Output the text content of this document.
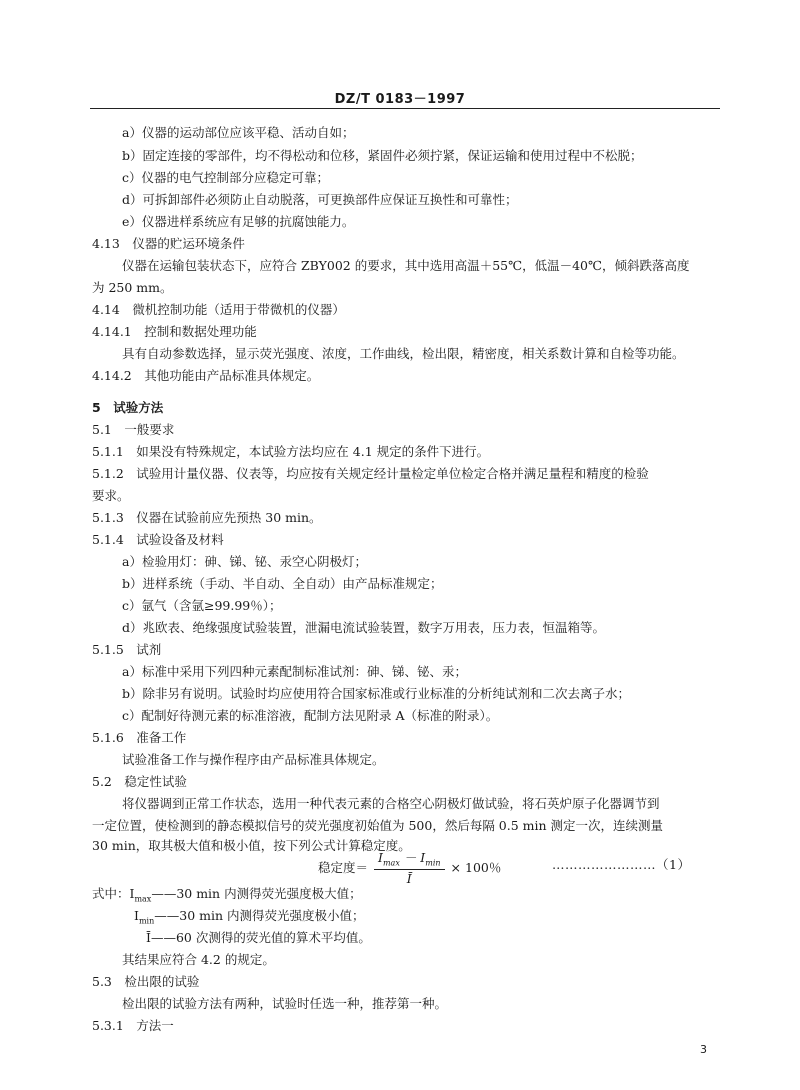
DZ/T 0183－1997
a）仪器的运动部位应该平稳、活动自如；
b）固定连接的零部件，均不得松动和位移，紧固件必须拧紧，保证运输和使用过程中不松脱；
c）仪器的电气控制部分应稳定可靠；
d）可拆卸部件必须防止自动脱落，可更换部件应保证互换性和可靠性；
e）仪器进样系统应有足够的抗腐蚀能力。
4.13　仪器的贮运环境条件
仪器在运输包装状态下，应符合 ZBY002 的要求，其中选用高温＋55℃，低温－40℃，倾斜跌落高度
为 250 mm。
4.14　微机控制功能（适用于带微机的仪器）
4.14.1　控制和数据处理功能
具有自动参数选择，显示荧光强度、浓度，工作曲线，检出限，精密度，相关系数计算和自检等功能。
4.14.2　其他功能由产品标准具体规定。
5　试验方法
5.1　一般要求
5.1.1　如果没有特殊规定，本试验方法均应在 4.1 规定的条件下进行。
5.1.2　试验用计量仪器、仪表等，均应按有关规定经计量检定单位检定合格并满足量程和精度的检验
要求。
5.1.3　仪器在试验前应先预热 30 min。
5.1.4　试验设备及材料
a）检验用灯：砷、锑、铋、汞空心阴极灯；
b）进样系统（手动、半自动、全自动）由产品标准规定；
c）氩气（含氩≥99.99％）；
d）兆欧表、绝缘强度试验装置，泄漏电流试验装置，数字万用表，压力表，恒温箱等。
5.1.5　试剂
a）标准中采用下列四种元素配制标准试剂：砷、锑、铋、汞；
b）除非另有说明。试验时均应使用符合国家标准或行业标准的分析纯试剂和二次去离子水；
c）配制好待测元素的标准溶液，配制方法见附录 A（标准的附录）。
5.1.6　准备工作
试验准备工作与操作程序由产品标准具体规定。
5.2　稳定性试验
将仪器调到正常工作状态，选用一种代表元素的合格空心阴极灯做试验，将石英炉原子化器调节到
一定位置，使检测到的静态模拟信号的荧光强度初始值为 500，然后每隔 0.5 min 测定一次，连续测量
30 min，取其极大值和极小值，按下列公式计算稳定度。
稳定度＝ $\frac{I_{max} - I_{min}}{Ī} \times 100$％	……………………（1）
式中：$I_{max}——30$ min 内测得荧光强度极大值；
$I_{min}——30$ min 内测得荧光强度极小值；
Ī——60 次测得的荧光值的算术平均值。
其结果应符合 4.2 的规定。
5.3　检出限的试验
检出限的试验方法有两种，试验时任选一种，推荐第一种。
5.3.1　方法一
3
